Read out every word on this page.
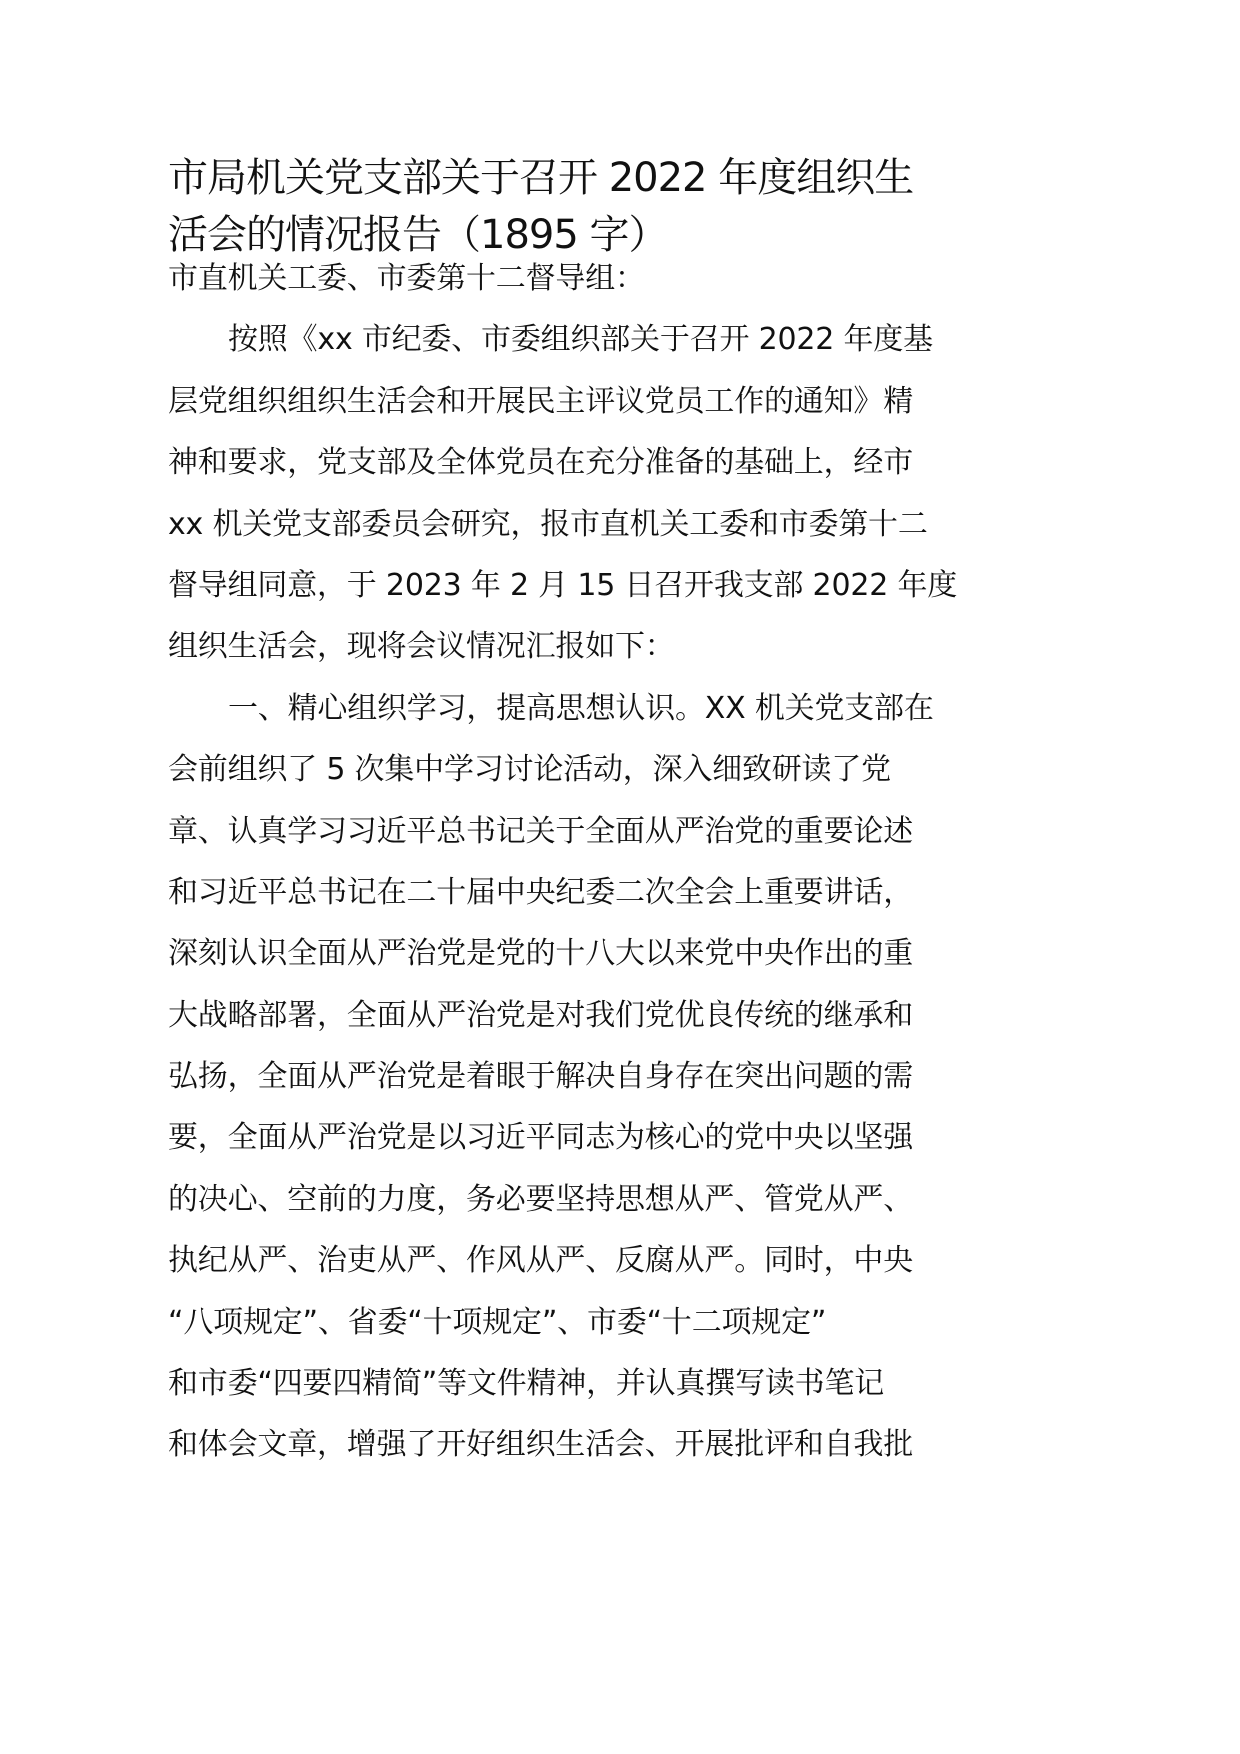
市局机关党支部关于召开 2022 年度组织生
活会的情况报告（1895 字）
市直机关工委、市委第十二督导组：
按照《xx 市纪委、市委组织部关于召开 2022 年度基
层党组织组织生活会和开展民主评议党员工作的通知》精
神和要求，党支部及全体党员在充分准备的基础上，经市
xx 机关党支部委员会研究，报市直机关工委和市委第十二
督导组同意，于 2023 年 2 月 15 日召开我支部 2022 年度
组织生活会，现将会议情况汇报如下：
一、精心组织学习，提高思想认识。XX 机关党支部在
会前组织了 5 次集中学习讨论活动，深入细致研读了党
章、认真学习习近平总书记关于全面从严治党的重要论述
和习近平总书记在二十届中央纪委二次全会上重要讲话，
深刻认识全面从严治党是党的十八大以来党中央作出的重
大战略部署，全面从严治党是对我们党优良传统的继承和
弘扬，全面从严治党是着眼于解决自身存在突出问题的需
要，全面从严治党是以习近平同志为核心的党中央以坚强
的决心、空前的力度，务必要坚持思想从严、管党从严、
执纪从严、治吏从严、作风从严、反腐从严。同时，中央
“八项规定”、省委“十项规定”、市委“十二项规定”
和市委“四要四精简”等文件精神，并认真撰写读书笔记
和体会文章，增强了开好组织生活会、开展批评和自我批
